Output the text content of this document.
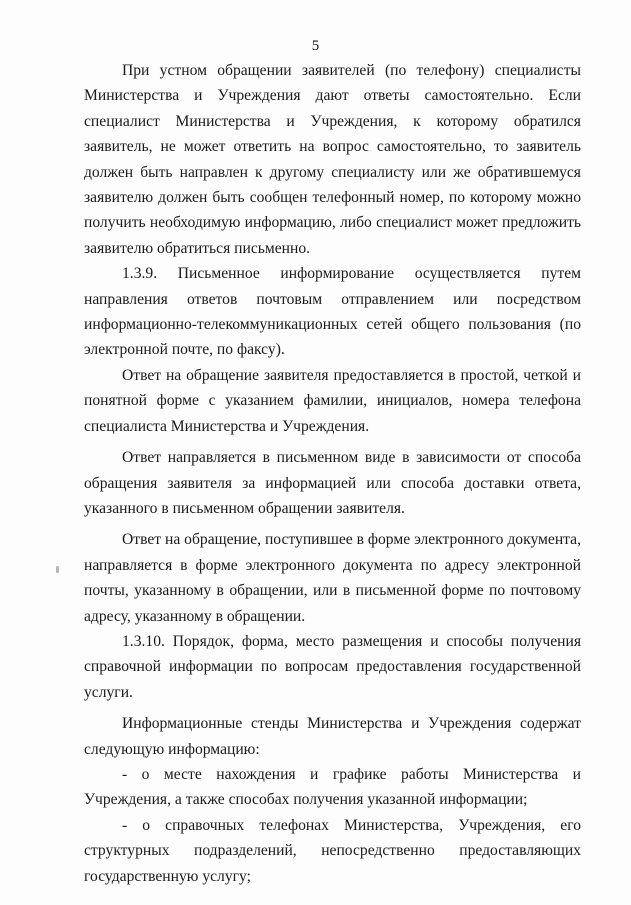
5

При устном обращении заявителей (по телефону) специалисты Министерства и Учреждения дают ответы самостоятельно. Если специалист Министерства и Учреждения, к которому обратился заявитель, не может ответить на вопрос самостоятельно, то заявитель должен быть направлен к другому специалисту или же обратившемуся заявителю должен быть сообщен телефонный номер, по которому можно получить необходимую информацию, либо специалист может предложить заявителю обратиться письменно.

1.3.9. Письменное информирование осуществляется путем направления ответов почтовым отправлением или посредством информационно-телекоммуникационных сетей общего пользования (по электронной почте, по факсу).

Ответ на обращение заявителя предоставляется в простой, четкой и понятной форме с указанием фамилии, инициалов, номера телефона специалиста Министерства и Учреждения.

Ответ направляется в письменном виде в зависимости от способа обращения заявителя за информацией или способа доставки ответа, указанного в письменном обращении заявителя.

Ответ на обращение, поступившее в форме электронного документа, направляется в форме электронного документа по адресу электронной почты, указанному в обращении, или в письменной форме по почтовому адресу, указанному в обращении.

1.3.10. Порядок, форма, место размещения и способы получения справочной информации по вопросам предоставления государственной услуги.

Информационные стенды Министерства и Учреждения содержат следующую информацию:

- о месте нахождения и графике работы Министерства и Учреждения, а также способах получения указанной информации;

- о справочных телефонах Министерства, Учреждения, его структурных подразделений, непосредственно предоставляющих государственную услугу;
